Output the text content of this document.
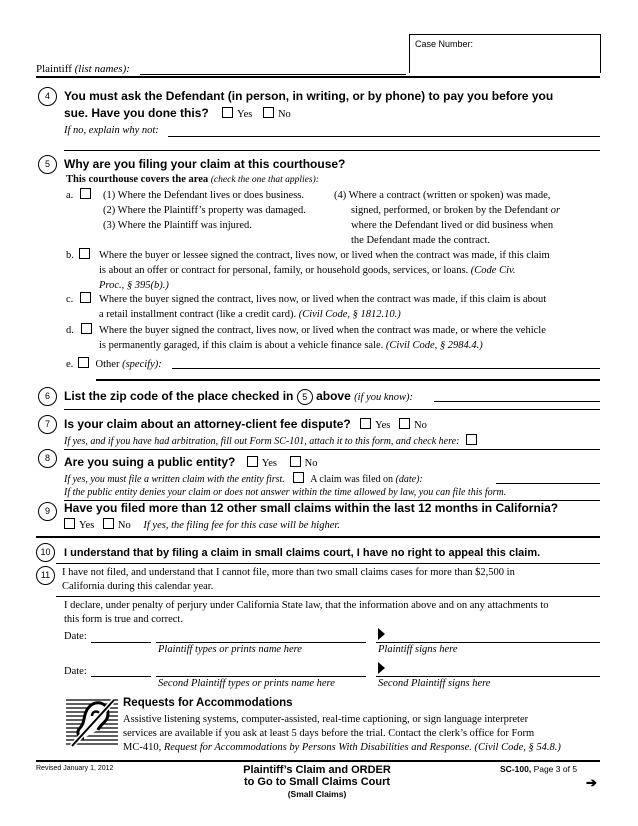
Case Number:
Plaintiff (list names):
4	You must ask the Defendant (in person, in writing, or by phone) to pay you before you
sue. Have you done this?	Yes No
If no, explain why not:
5	Why are you filing your claim at this courthouse?
This courthouse covers the area (check the one that applies):
a.	(1) Where the Defendant lives or does business.
(2) Where the Plaintiff’s property was damaged.
(3) Where the Plaintiff was injured.
(4) Where a contract (written or spoken) was made,
signed, performed, or broken by the Defendant or
where the Defendant lived or did business when
the Defendant made the contract.
b.	Where the buyer or lessee signed the contract, lives now, or lived when the contract was made, if this claim
is about an offer or contract for personal, family, or household goods, services, or loans. (Code Civ.
Proc., § 395(b).)
c.	Where the buyer signed the contract, lives now, or lived when the contract was made, if this claim is about
a retail installment contract (like a credit card). (Civil Code, § 1812.10.)
d.	Where the buyer signed the contract, lives now, or lived when the contract was made, or where the vehicle
is permanently garaged, if this claim is about a vehicle finance sale. (Civil Code, § 2984.4.)
e. Other (specify):
6	List the zip code of the place checked in 5 above (if you know):
7	Is your claim about an attorney-client fee dispute? Yes No
If yes, and if you have had arbitration, fill out Form SC-101, attach it to this form, and check here:
8	Are you suing a public entity?	Yes	No
If yes, you must file a written claim with the entity first.	A claim was filed on (date):
If the public entity denies your claim or does not answer within the time allowed by law, you can file this form.
9	Have you filed more than 12 other small claims within the last 12 months in California?
Yes No If yes, the filing fee for this case will be higher.
10	I understand that by filing a claim in small claims court, I have no right to appeal this claim.
11	I have not filed, and understand that I cannot file, more than two small claims cases for more than $2,500 in
California during this calendar year.
I declare, under penalty of perjury under California State law, that the information above and on any attachments to
this form is true and correct.
Date:
Plaintiff types or prints name here	Plaintiff signs here
Date:
Second Plaintiff types or prints name here	Second Plaintiff signs here
Requests for Accommodations
Assistive listening systems, computer-assisted, real-time captioning, or sign language interpreter
services are available if you ask at least 5 days before the trial. Contact the clerk’s office for Form
MC-410, Request for Accommodations by Persons With Disabilities and Response. (Civil Code, § 54.8.)
Revised January 1, 2012	Plaintiff’s Claim and ORDER
to Go to Small Claims Court
(Small Claims)
SC-100, Page 3 of 5
➔
